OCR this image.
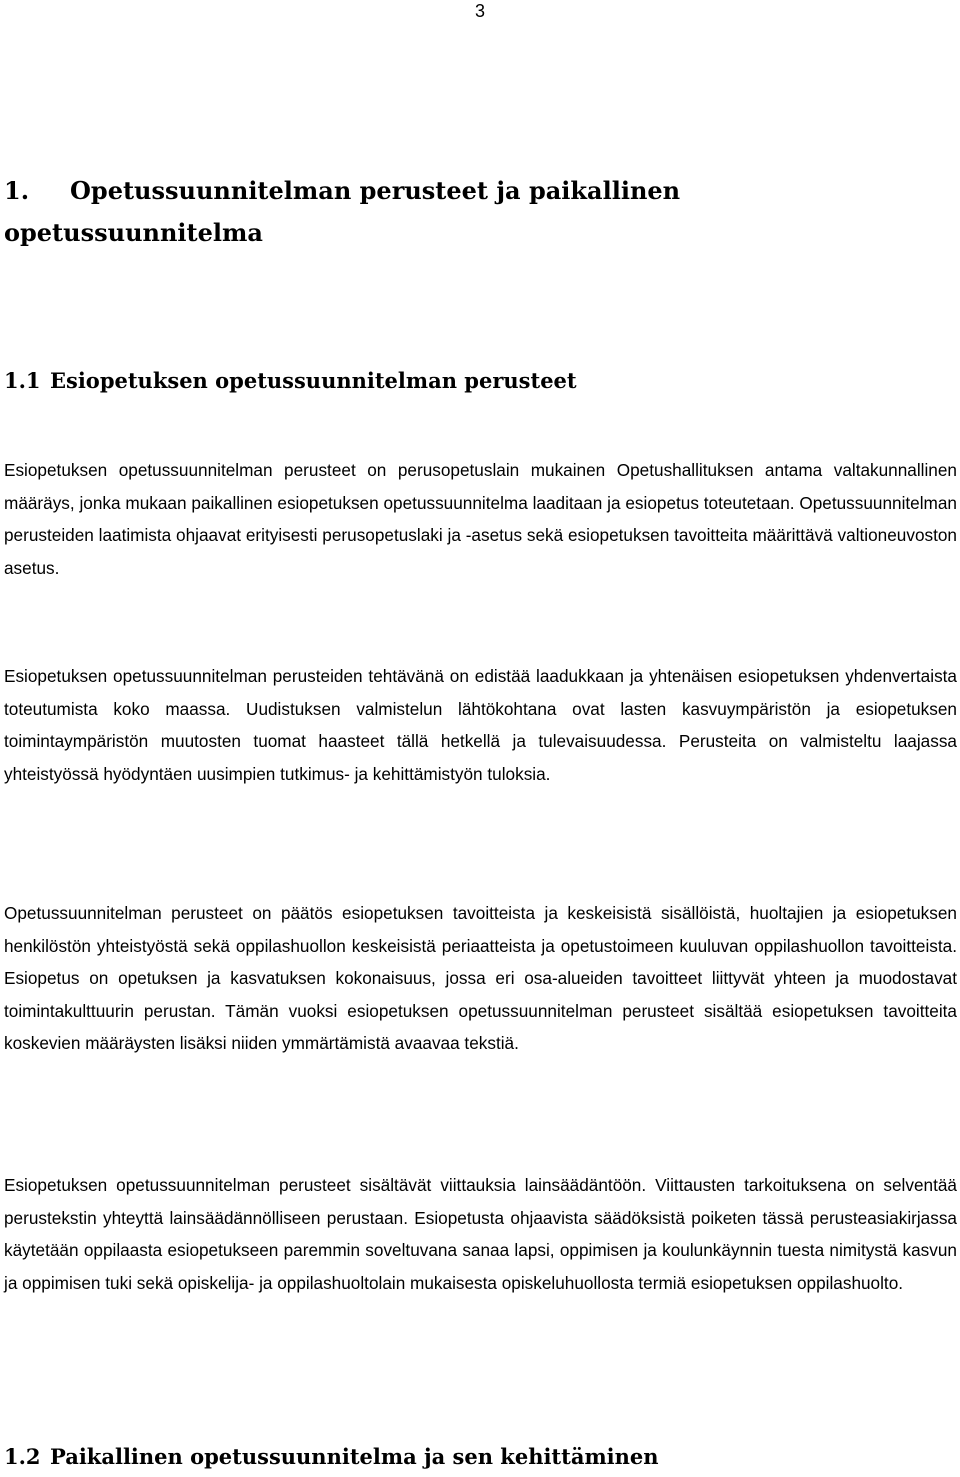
3
1. Opetussuunnitelman perusteet ja paikallinen opetussuunnitelma
1.1 Esiopetuksen opetussuunnitelman perusteet

Esiopetuksen opetussuunnitelman perusteet on perusopetuslain mukainen Opetushallituksen antama valtakunnallinen määräys, jonka mukaan paikallinen esiopetuksen opetussuunnitelma laaditaan ja esiopetus toteutetaan. Opetussuunnitelman perusteiden laatimista ohjaavat erityisesti perusopetuslaki ja -asetus sekä esiopetuksen tavoitteita määrittävä valtioneuvoston asetus.

Esiopetuksen opetussuunnitelman perusteiden tehtävänä on edistää laadukkaan ja yhtenäisen esiopetuksen yhdenvertaista toteutumista koko maassa. Uudistuksen valmistelun lähtökohtana ovat lasten kasvuympäristön ja esiopetuksen toimintaympäristön muutosten tuomat haasteet tällä hetkellä ja tulevaisuudessa. Perusteita on valmisteltu laajassa yhteistyössä hyödyntäen uusimpien tutkimus- ja kehittämistyön tuloksia.

Opetussuunnitelman perusteet on päätös esiopetuksen tavoitteista ja keskeisistä sisällöistä, huoltajien ja esiopetuksen henkilöstön yhteistyöstä sekä oppilashuollon keskeisistä periaatteista ja opetustoimeen kuuluvan oppilashuollon tavoitteista. Esiopetus on opetuksen ja kasvatuksen kokonaisuus, jossa eri osa-alueiden tavoitteet liittyvät yhteen ja muodostavat toimintakulttuurin perustan. Tämän vuoksi esiopetuksen opetussuunnitelman perusteet sisältää esiopetuksen tavoitteita koskevien määräysten lisäksi niiden ymmärtämistä avaavaa tekstiä.

Esiopetuksen opetussuunnitelman perusteet sisältävät viittauksia lainsäädäntöön. Viittausten tarkoituksena on selventää perustekstin yhteyttä lainsäädännölliseen perustaan. Esiopetusta ohjaavista säädöksistä poiketen tässä perusteasiakirjassa käytetään oppilaasta esiopetukseen paremmin soveltuvana sanaa lapsi, oppimisen ja koulunkäynnin tuesta nimitystä kasvun ja oppimisen tuki sekä opiskelija- ja oppilashuoltolain mukaisesta opiskeluhuollosta termiä esiopetuksen oppilashuolto.

1.2 Paikallinen opetussuunnitelma ja sen kehittäminen
